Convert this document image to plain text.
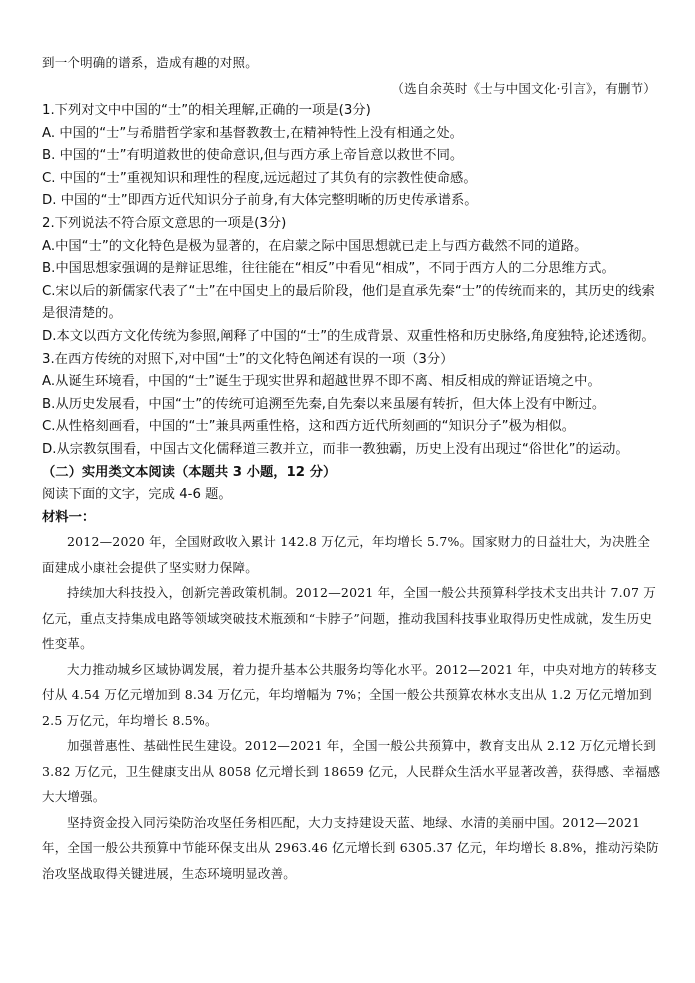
到一个明确的谱系，造成有趣的对照。

（选自余英时《士与中国文化·引言》，有删节）

1.下列对文中中国的“士”的相关理解,正确的一项是(3分)

A. 中国的“士”与希腊哲学家和基督教教士,在精神特性上没有相通之处。

B. 中国的“士”有明道救世的使命意识,但与西方承上帝旨意以救世不同。

C. 中国的“士”重视知识和理性的程度,远远超过了其负有的宗教性使命感。

D. 中国的“士”即西方近代知识分子前身,有大体完整明晰的历史传承谱系。

2.下列说法不符合原文意思的一项是(3分)

A.中国“士”的文化特色是极为显著的，在启蒙之际中国思想就已走上与西方截然不同的道路。

B.中国思想家强调的是辩证思维，往往能在“相反”中看见“相成”，不同于西方人的二分思维方式。

C.宋以后的新儒家代表了“士”在中国史上的最后阶段，他们是直承先秦“士”的传统而来的，其历史的线索是很清楚的。

D.本文以西方文化传统为参照,阐释了中国的“士”的生成背景、双重性格和历史脉络,角度独特,论述透彻。

3.在西方传统的对照下,对中国“士”的文化特色阐述有误的一项（3分）

A.从诞生环境看，中国的“士”诞生于现实世界和超越世界不即不离、相反相成的辩证语境之中。

B.从历史发展看，中国“士”的传统可追溯至先秦,自先秦以来虽屡有转折，但大体上没有中断过。

C.从性格刻画看，中国的“士”兼具两重性格，这和西方近代所刻画的“知识分子”极为相似。

D.从宗教氛围看，中国古文化儒释道三教并立，而非一教独霸，历史上没有出现过“俗世化”的运动。

（二）实用类文本阅读（本题共 3 小题，12 分）

阅读下面的文字，完成 4-6 题。

材料一：

2012—2020 年，全国财政收入累计 142.8 万亿元，年均增长 5.7%。国家财力的日益壮大，为决胜全面建成小康社会提供了坚实财力保障。

持续加大科技投入，创新完善政策机制。2012—2021 年，全国一般公共预算科学技术支出共计 7.07 万亿元，重点支持集成电路等领域突破技术瓶颈和“卡脖子”问题，推动我国科技事业取得历史性成就，发生历史性变革。

大力推动城乡区域协调发展，着力提升基本公共服务均等化水平。2012—2021 年，中央对地方的转移支付从 4.54 万亿元增加到 8.34 万亿元，年均增幅为 7%；全国一般公共预算农林水支出从 1.2 万亿元增加到 2.5 万亿元，年均增长 8.5%。

加强普惠性、基础性民生建设。2012—2021 年，全国一般公共预算中，教育支出从 2.12 万亿元增长到 3.82 万亿元，卫生健康支出从 8058 亿元增长到 18659 亿元，人民群众生活水平显著改善，获得感、幸福感大大增强。

坚持资金投入同污染防治攻坚任务相匹配，大力支持建设天蓝、地绿、水清的美丽中国。2012—2021 年，全国一般公共预算中节能环保支出从 2963.46 亿元增长到 6305.37 亿元，年均增长 8.8%，推动污染防治攻坚战取得关键进展，生态环境明显改善。
